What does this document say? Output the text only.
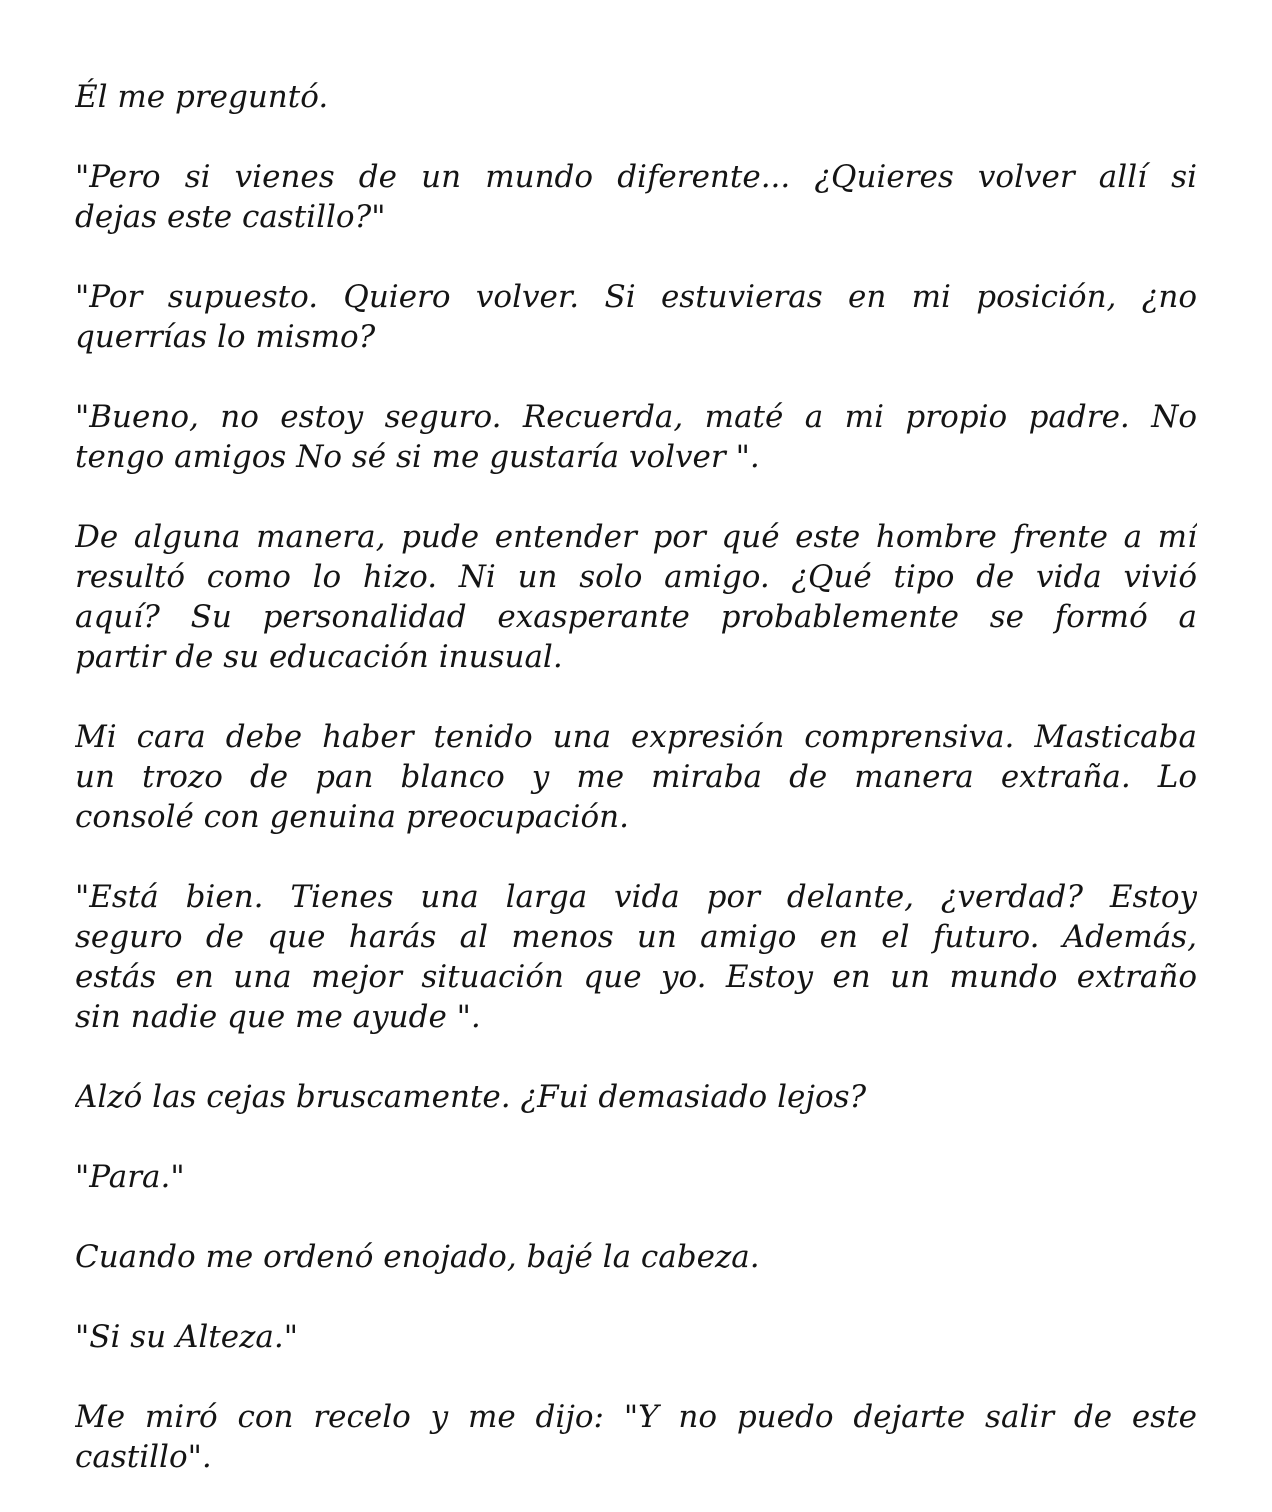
Él me preguntó.
"Pero si vienes de un mundo diferente... ¿Quieres volver allí si
dejas este castillo?"
"Por supuesto. Quiero volver. Si estuvieras en mi posición, ¿no
querrías lo mismo?
"Bueno, no estoy seguro. Recuerda, maté a mi propio padre. No
tengo amigos No sé si me gustaría volver ".
De alguna manera, pude entender por qué este hombre frente a mí
resultó como lo hizo. Ni un solo amigo. ¿Qué tipo de vida vivió
aquí? Su personalidad exasperante probablemente se formó a
partir de su educación inusual.
Mi cara debe haber tenido una expresión comprensiva. Masticaba
un trozo de pan blanco y me miraba de manera extraña. Lo
consolé con genuina preocupación.
"Está bien. Tienes una larga vida por delante, ¿verdad? Estoy
seguro de que harás al menos un amigo en el futuro. Además,
estás en una mejor situación que yo. Estoy en un mundo extraño
sin nadie que me ayude ".
Alzó las cejas bruscamente. ¿Fui demasiado lejos?
"Para."
Cuando me ordenó enojado, bajé la cabeza.
"Si su Alteza."
Me miró con recelo y me dijo: "Y no puedo dejarte salir de este
castillo".
